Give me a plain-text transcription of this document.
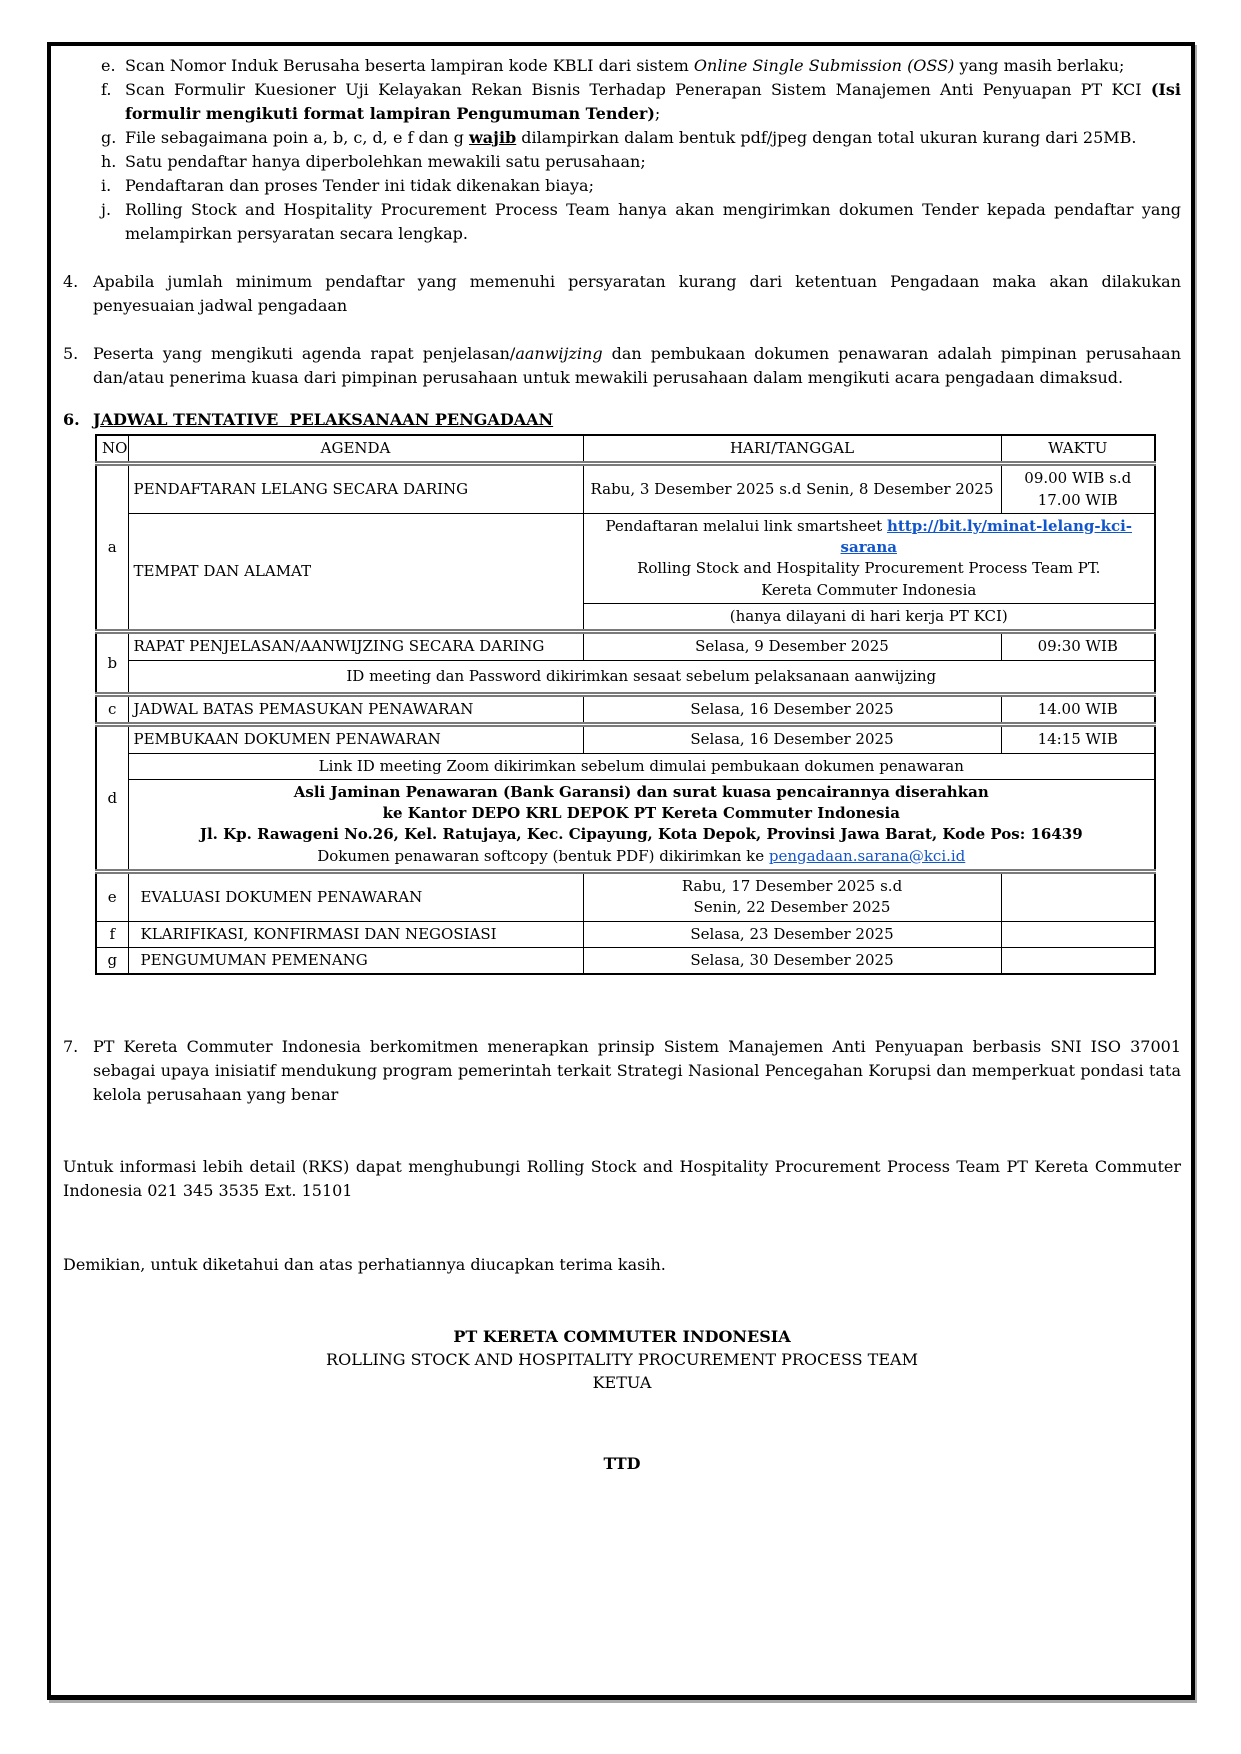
e. Scan Nomor Induk Berusaha beserta lampiran kode KBLI dari sistem Online Single Submission (OSS) yang masih berlaku;
f. Scan Formulir Kuesioner Uji Kelayakan Rekan Bisnis Terhadap Penerapan Sistem Manajemen Anti Penyuapan PT KCI (Isi formulir mengikuti format lampiran Pengumuman Tender);
g. File sebagaimana poin a, b, c, d, e f dan g wajib dilampirkan dalam bentuk pdf/jpeg dengan total ukuran kurang dari 25MB.
h. Satu pendaftar hanya diperbolehkan mewakili satu perusahaan;
i. Pendaftaran dan proses Tender ini tidak dikenakan biaya;
j. Rolling Stock and Hospitality Procurement Process Team hanya akan mengirimkan dokumen Tender kepada pendaftar yang melampirkan persyaratan secara lengkap.
4. Apabila jumlah minimum pendaftar yang memenuhi persyaratan kurang dari ketentuan Pengadaan maka akan dilakukan penyesuaian jadwal pengadaan
5. Peserta yang mengikuti agenda rapat penjelasan/aanwijzing dan pembukaan dokumen penawaran adalah pimpinan perusahaan dan/atau penerima kuasa dari pimpinan perusahaan untuk mewakili perusahaan dalam mengikuti acara pengadaan dimaksud.
6. JADWAL TENTATIVE  PELAKSANAAN PENGADAAN
NO	AGENDA	HARI/TANGGAL	WAKTU
a	PENDAFTARAN LELANG SECARA DARING	Rabu, 3 Desember 2025 s.d Senin, 8 Desember 2025	09.00 WIB s.d
17.00 WIB

	TEMPAT DAN ALAMAT	Pendaftaran melalui link smartsheet http://bit.ly/minat-lelang-kci-sarana
Rolling Stock and Hospitality Procurement Process Team PT. Kereta Commuter Indonesia	

		(hanya dilayani di hari kerja PT KCI)	
b	RAPAT PENJELASAN/AANWIJZING SECARA DARING	Selasa, 9 Desember 2025	09:30 WIB
	ID meeting dan Password dikirimkan sesaat sebelum pelaksanaan aanwijzing		
c	JADWAL BATAS PEMASUKAN PENAWARAN	Selasa, 16 Desember 2025	14.00 WIB
d	PEMBUKAAN DOKUMEN PENAWARAN	Selasa, 16 Desember 2025	14:15 WIB
	Link ID meeting Zoom dikirimkan sebelum dimulai pembukaan dokumen penawaran		

	Asli Jaminan Penawaran (Bank Garansi) dan surat kuasa pencairannya diserahkan
ke Kantor DEPO KRL DEPOK PT Kereta Commuter Indonesia
Jl. Kp. Rawageni No.26, Kel. Ratujaya, Kec. Cipayung, Kota Depok, Provinsi Jawa Barat, Kode Pos: 16439
Dokumen penawaran softcopy (bentuk PDF) dikirimkan ke pengadaan.sarana@kci.id		

e	EVALUASI DOKUMEN PENAWARAN	Rabu, 17 Desember 2025 s.d
Senin, 22 Desember 2025	

f	KLARIFIKASI, KONFIRMASI DAN NEGOSIASI	Selasa, 23 Desember 2025	
g	PENGUMUMAN PEMENANG	Selasa, 30 Desember 2025	
7. PT Kereta Commuter Indonesia berkomitmen menerapkan prinsip Sistem Manajemen Anti Penyuapan berbasis SNI ISO 37001 sebagai upaya inisiatif mendukung program pemerintah terkait Strategi Nasional Pencegahan Korupsi dan memperkuat pondasi tata kelola perusahaan yang benar
Untuk informasi lebih detail (RKS) dapat menghubungi Rolling Stock and Hospitality Procurement Process Team PT Kereta Commuter Indonesia 021 345 3535 Ext. 15101
Demikian, untuk diketahui dan atas perhatiannya diucapkan terima kasih.
PT KERETA COMMUTER INDONESIA
ROLLING STOCK AND HOSPITALITY PROCUREMENT PROCESS TEAM
KETUA
TTD
